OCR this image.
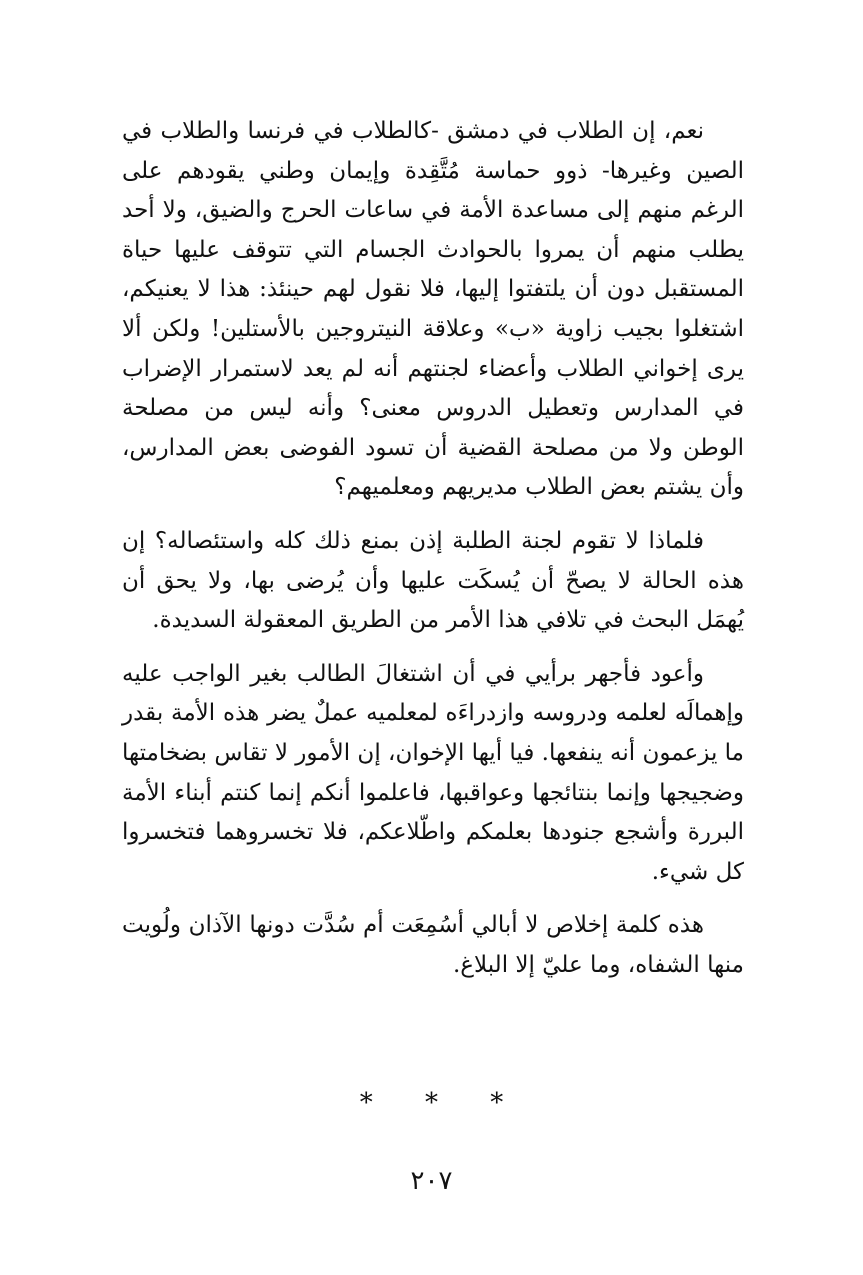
نعم، إن الطلاب في دمشق -كالطلاب في فرنسا والطلاب في الصين وغيرها- ذوو حماسة مُتَّقِدة وإيمان وطني يقودهم على الرغم منهم إلى مساعدة الأمة في ساعات الحرج والضيق، ولا أحد يطلب منهم أن يمروا بالحوادث الجسام التي تتوقف عليها حياة المستقبل دون أن يلتفتوا إليها، فلا نقول لهم حينئذ: هذا لا يعنيكم، اشتغلوا بجيب زاوية «ب» وعلاقة النيتروجين بالأستلين! ولكن ألا يرى إخواني الطلاب وأعضاء لجنتهم أنه لم يعد لاستمرار الإضراب في المدارس وتعطيل الدروس معنى؟ وأنه ليس من مصلحة الوطن ولا من مصلحة القضية أن تسود الفوضى بعض المدارس، وأن يشتم بعض الطلاب مديريهم ومعلميهم؟

فلماذا لا تقوم لجنة الطلبة إذن بمنع ذلك كله واستئصاله؟ إن هذه الحالة لا يصحّ أن يُسكَت عليها وأن يُرضى بها، ولا يحق أن يُهمَل البحث في تلافي هذا الأمر من الطريق المعقولة السديدة.

وأعود فأجهر برأيي في أن اشتغالَ الطالب بغير الواجب عليه وإهمالَه لعلمه ودروسه وازدراءَه لمعلميه عملٌ يضر هذه الأمة بقدر ما يزعمون أنه ينفعها. فيا أيها الإخوان، إن الأمور لا تقاس بضخامتها وضجيجها وإنما بنتائجها وعواقبها، فاعلموا أنكم إنما كنتم أبناء الأمة البررة وأشجع جنودها بعلمكم واطّلاعكم، فلا تخسروهما فتخسروا كل شيء.

هذه كلمة إخلاص لا أبالي أسُمِعَت أم سُدَّت دونها الآذان ولُويت منها الشفاه، وما عليّ إلا البلاغ.

* * *
٢٠٧
